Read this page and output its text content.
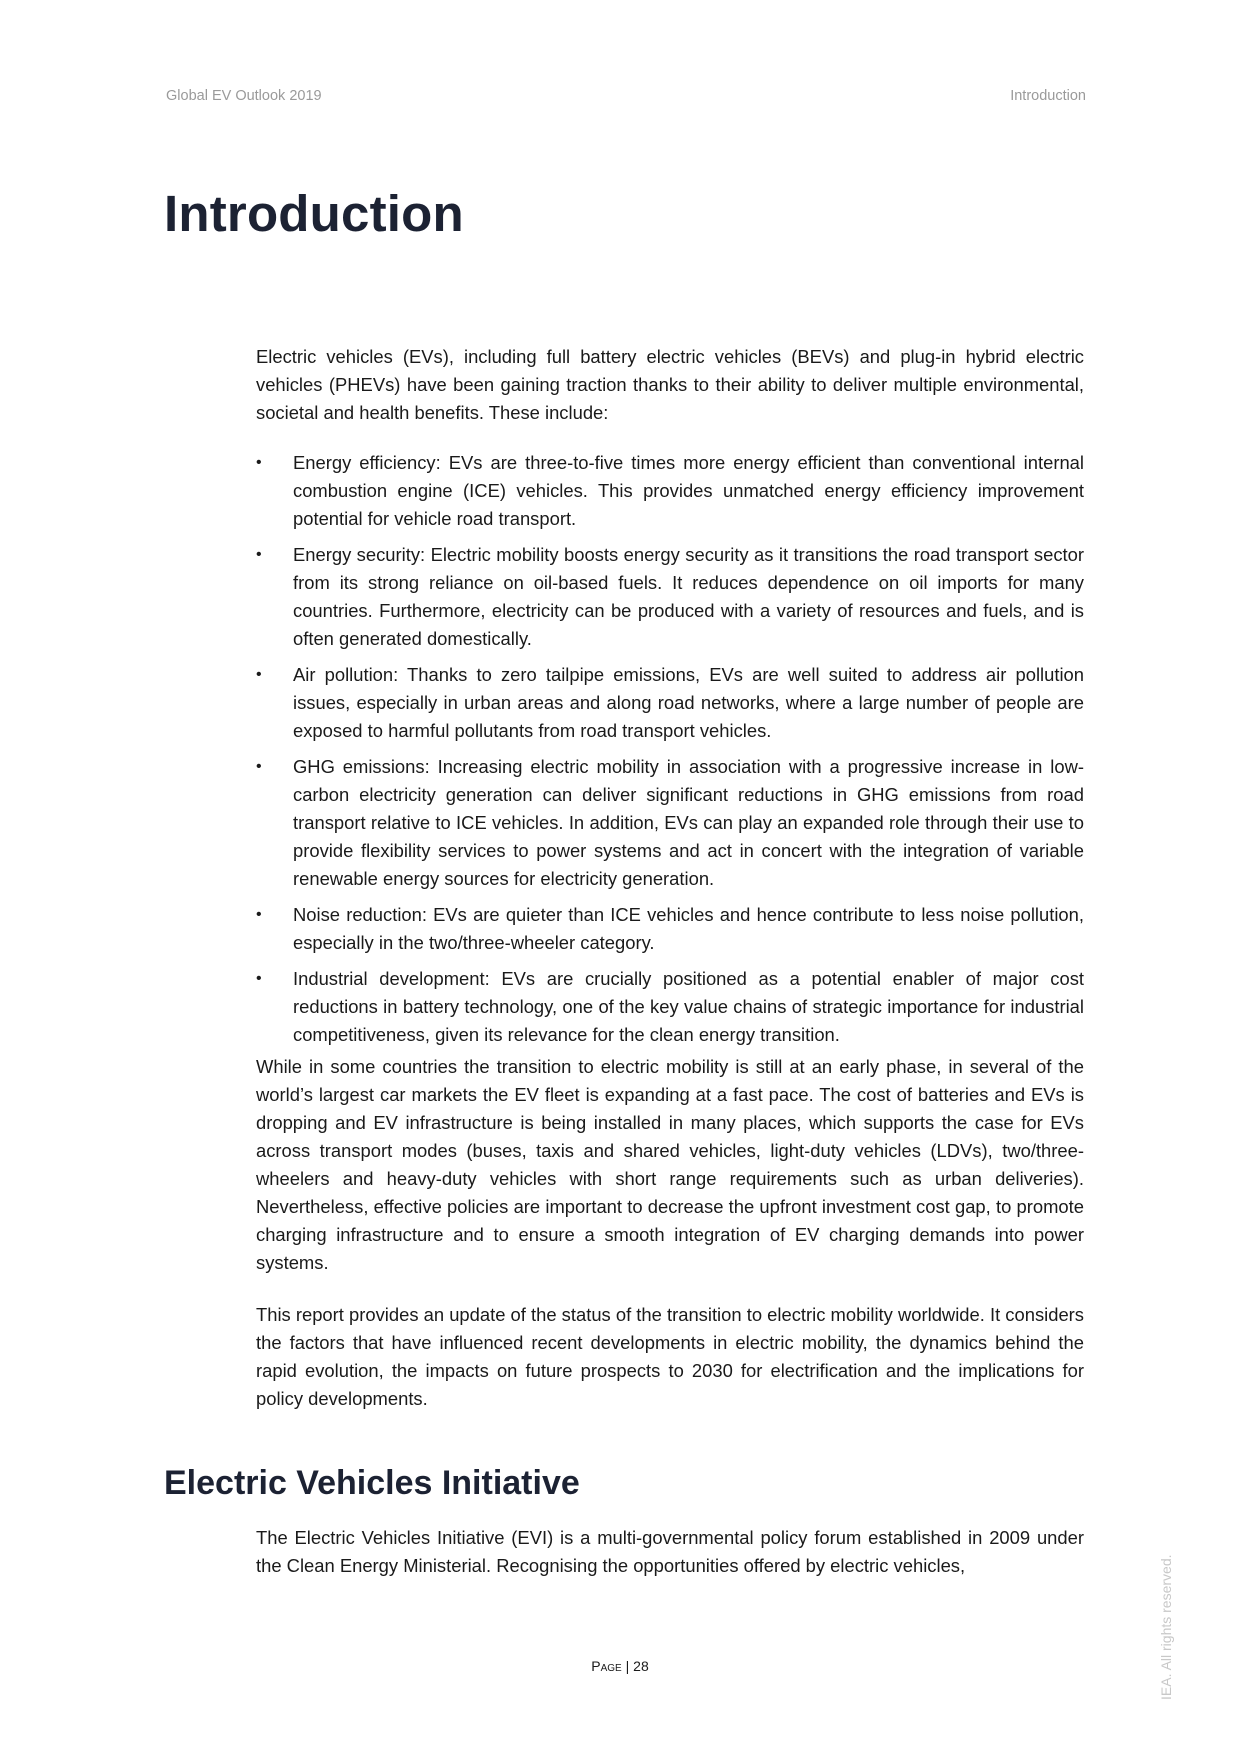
Global EV Outlook 2019	Introduction
Introduction

Electric vehicles (EVs), including full battery electric vehicles (BEVs) and plug-in hybrid electric vehicles (PHEVs) have been gaining traction thanks to their ability to deliver multiple environmental, societal and health benefits. These include:

•	Energy efficiency: EVs are three-to-five times more energy efficient than conventional internal combustion engine (ICE) vehicles. This provides unmatched energy efficiency improvement potential for vehicle road transport.
•	Energy security: Electric mobility boosts energy security as it transitions the road transport sector from its strong reliance on oil-based fuels. It reduces dependence on oil imports for many countries. Furthermore, electricity can be produced with a variety of resources and fuels, and is often generated domestically.
•	Air pollution: Thanks to zero tailpipe emissions, EVs are well suited to address air pollution issues, especially in urban areas and along road networks, where a large number of people are exposed to harmful pollutants from road transport vehicles.
•	GHG emissions: Increasing electric mobility in association with a progressive increase in low-carbon electricity generation can deliver significant reductions in GHG emissions from road transport relative to ICE vehicles. In addition, EVs can play an expanded role through their use to provide flexibility services to power systems and act in concert with the integration of variable renewable energy sources for electricity generation.
•	Noise reduction: EVs are quieter than ICE vehicles and hence contribute to less noise pollution, especially in the two/three-wheeler category.
•	Industrial development: EVs are crucially positioned as a potential enabler of major cost reductions in battery technology, one of the key value chains of strategic importance for industrial competitiveness, given its relevance for the clean energy transition.

While in some countries the transition to electric mobility is still at an early phase, in several of the world’s largest car markets the EV fleet is expanding at a fast pace. The cost of batteries and EVs is dropping and EV infrastructure is being installed in many places, which supports the case for EVs across transport modes (buses, taxis and shared vehicles, light-duty vehicles (LDVs), two/three-wheelers and heavy-duty vehicles with short range requirements such as urban deliveries). Nevertheless, effective policies are important to decrease the upfront investment cost gap, to promote charging infrastructure and to ensure a smooth integration of EV charging demands into power systems.

This report provides an update of the status of the transition to electric mobility worldwide. It considers the factors that have influenced recent developments in electric mobility, the dynamics behind the rapid evolution, the impacts on future prospects to 2030 for electrification and the implications for policy developments.

Electric Vehicles Initiative

The Electric Vehicles Initiative (EVI) is a multi-governmental policy forum established in 2009 under the Clean Energy Ministerial. Recognising the opportunities offered by electric vehicles,

Page | 28	IEA. All rights reserved.
